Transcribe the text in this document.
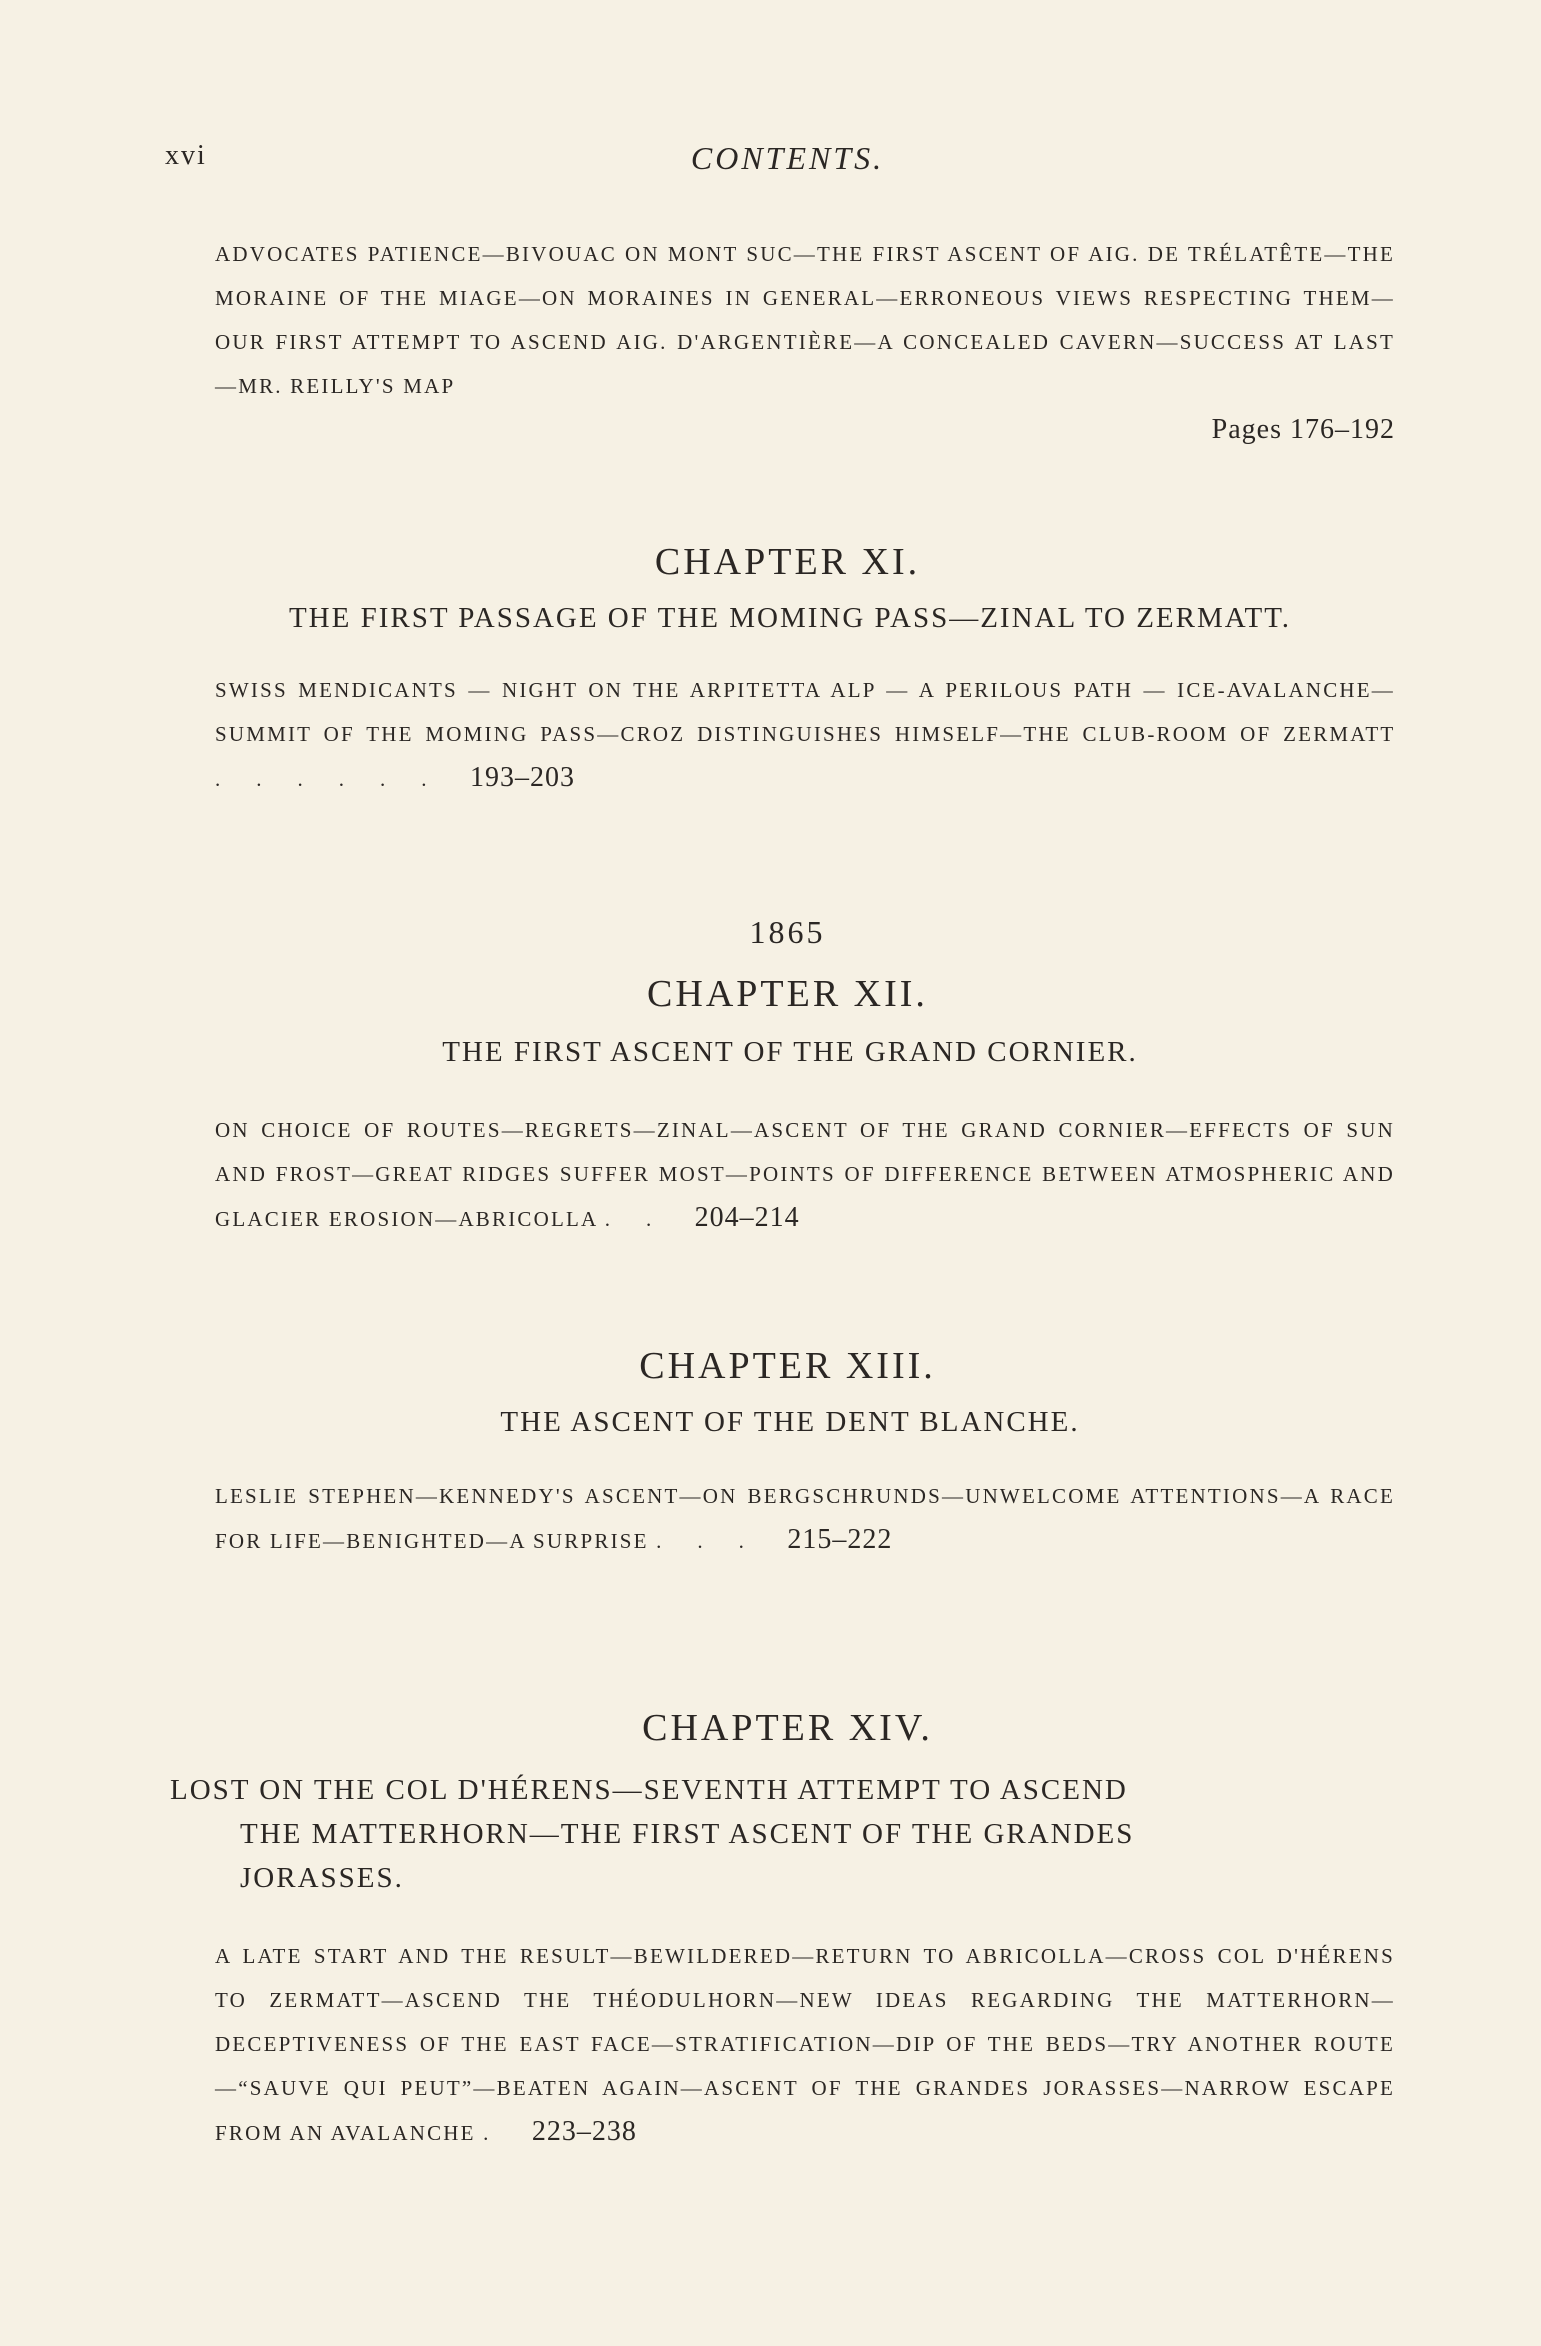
xvi	CONTENTS.
ADVOCATES PATIENCE—BIVOUAC ON MONT SUC—THE FIRST ASCENT OF AIG. DE TRÉLATÊTE—THE MORAINE OF THE MIAGE—ON MORAINES IN GENERAL—ERRONEOUS VIEWS RESPECTING THEM—OUR FIRST ATTEMPT TO ASCEND AIG. D'ARGENTIÈRE—A CONCEALED CAVERN—SUCCESS AT LAST—MR. REILLY'S MAP
Pages 176–192
CHAPTER XI.
THE FIRST PASSAGE OF THE MOMING PASS—ZINAL TO ZERMATT.
SWISS MENDICANTS — NIGHT ON THE ARPITETTA ALP — A PERILOUS PATH — ICE-AVALANCHE—SUMMIT OF THE MOMING PASS—CROZ DISTINGUISHES HIMSELF—THE CLUB-ROOM OF ZERMATT ...... 193–203
1865
CHAPTER XII.
THE FIRST ASCENT OF THE GRAND CORNIER.
ON CHOICE OF ROUTES—REGRETS—ZINAL—ASCENT OF THE GRAND CORNIER—EFFECTS OF SUN AND FROST—GREAT RIDGES SUFFER MOST—POINTS OF DIFFERENCE BETWEEN ATMOSPHERIC AND GLACIER EROSION—ABRICOLLA .. 204–214
CHAPTER XIII.
THE ASCENT OF THE DENT BLANCHE.
LESLIE STEPHEN—KENNEDY'S ASCENT—ON BERGSCHRUNDS—UNWELCOME ATTENTIONS—A RACE FOR LIFE—BENIGHTED—A SURPRISE ... 215–222
CHAPTER XIV.
LOST ON THE COL D'HÉRENS—SEVENTH ATTEMPT TO ASCEND
THE MATTERHORN—THE FIRST ASCENT OF THE GRANDES
JORASSES.
A LATE START AND THE RESULT—BEWILDERED—RETURN TO ABRICOLLA—CROSS COL D'HÉRENS TO ZERMATT—ASCEND THE THÉODULHORN—NEW IDEAS REGARDING THE MATTERHORN—DECEPTIVENESS OF THE EAST FACE—STRATIFICATION—DIP OF THE BEDS—TRY ANOTHER ROUTE—“SAUVE QUI PEUT”—BEATEN AGAIN—ASCENT OF THE GRANDES JORASSES—NARROW ESCAPE FROM AN AVALANCHE . 223–238
